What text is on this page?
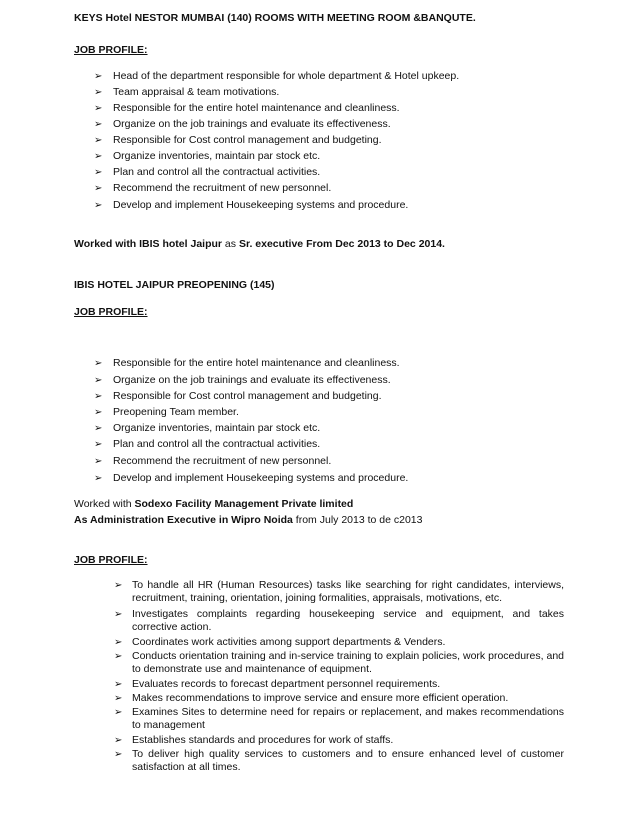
KEYS Hotel NESTOR MUMBAI (140) ROOMS WITH MEETING ROOM &BANQUTE.
JOB PROFILE:
➢ Head of the department responsible for whole department & Hotel upkeep.
➢ Team appraisal & team motivations.
➢ Responsible for the entire hotel maintenance and cleanliness.
➢ Organize on the job trainings and evaluate its effectiveness.
➢ Responsible for Cost control management and budgeting.
➢ Organize inventories, maintain par stock etc.
➢ Plan and control all the contractual activities.
➢ Recommend the recruitment of new personnel.
➢ Develop and implement Housekeeping systems and procedure.
Worked with IBIS hotel Jaipur as Sr. executive From Dec 2013 to Dec 2014.
IBIS HOTEL JAIPUR PREOPENING (145)
JOB PROFILE:
➢ Responsible for the entire hotel maintenance and cleanliness.
➢ Organize on the job trainings and evaluate its effectiveness.
➢ Responsible for Cost control management and budgeting.
➢ Preopening Team member.
➢ Organize inventories, maintain par stock etc.
➢ Plan and control all the contractual activities.
➢ Recommend the recruitment of new personnel.
➢ Develop and implement Housekeeping systems and procedure.
Worked with Sodexo Facility Management Private limited
As Administration Executive in Wipro Noida from July 2013 to de c2013
JOB PROFILE:
➢ To handle all HR (Human Resources) tasks like searching for right candidates, interviews, recruitment, training, orientation, joining formalities, appraisals, motivations, etc.
➢ Investigates complaints regarding housekeeping service and equipment, and takes corrective action.
➢ Coordinates work activities among support departments & Venders.
➢ Conducts orientation training and in-service training to explain policies, work procedures, and to demonstrate use and maintenance of equipment.
➢ Evaluates records to forecast department personnel requirements.
➢ Makes recommendations to improve service and ensure more efficient operation.
➢ Examines Sites to determine need for repairs or replacement, and makes recommendations to management
➢ Establishes standards and procedures for work of staffs.
➢ To deliver high quality services to customers and to ensure enhanced level of customer satisfaction at all times.
